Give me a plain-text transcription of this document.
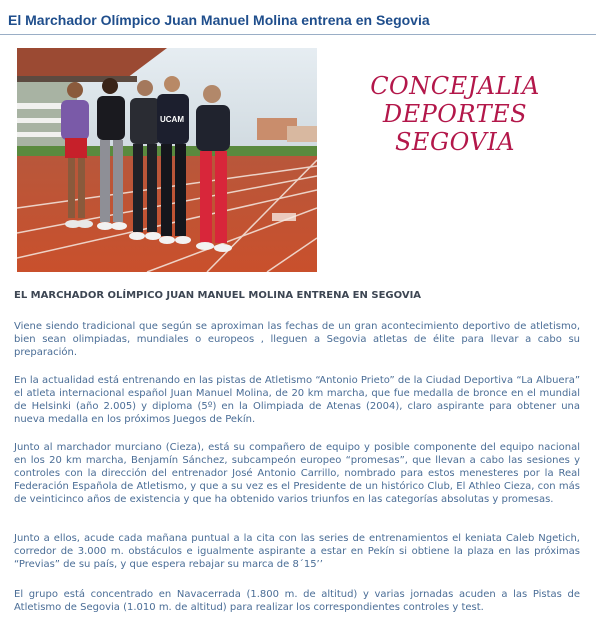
El Marchador Olímpico Juan Manuel Molina entrena en Segovia
UCAM
CONCEJALIA
DEPORTES
SEGOVIA
EL MARCHADOR OLÍMPICO JUAN MANUEL MOLINA ENTRENA EN SEGOVIA

Viene siendo tradicional que según se aproximan las fechas de un gran acontecimiento deportivo de atletismo, bien sean olimpiadas, mundiales o europeos , lleguen a Segovia atletas de élite para llevar a cabo su preparación.

En la actualidad está entrenando en las pistas de Atletismo “Antonio Prieto” de la Ciudad Deportiva “La Albuera” el atleta internacional español Juan Manuel Molina, de 20 km marcha, que fue medalla de bronce en el mundial de Helsinki (año 2.005) y diploma (5º) en la Olimpiada de Atenas (2004), claro aspirante para obtener una nueva medalla en los próximos Juegos de Pekín.

Junto al marchador murciano (Cieza), está su compañero de equipo y posible componente del equipo nacional en los 20 km marcha, Benjamín Sánchez, subcampeón europeo “promesas”, que llevan a cabo las sesiones y controles con la dirección del entrenador José Antonio Carrillo, nombrado para estos menesteres por la Real Federación Española de Atletismo, y que a su vez es el Presidente de un histórico Club, El Athleo Cieza, con más de veinticinco años de existencia y que ha obtenido varios triunfos en las categorías absolutas y promesas.

Junto a ellos, acude cada mañana puntual a la cita con las series de entrenamientos el keniata Caleb Ngetich, corredor de 3.000 m. obstáculos e igualmente aspirante a estar en Pekín si obtiene la plaza en las próximas “Previas” de su país, y que espera rebajar su marca de 8´15’’

El grupo está concentrado en Navacerrada (1.800 m. de altitud) y varias jornadas acuden a las Pistas de Atletismo de Segovia (1.010 m. de altitud) para realizar los correspondientes controles y test.
